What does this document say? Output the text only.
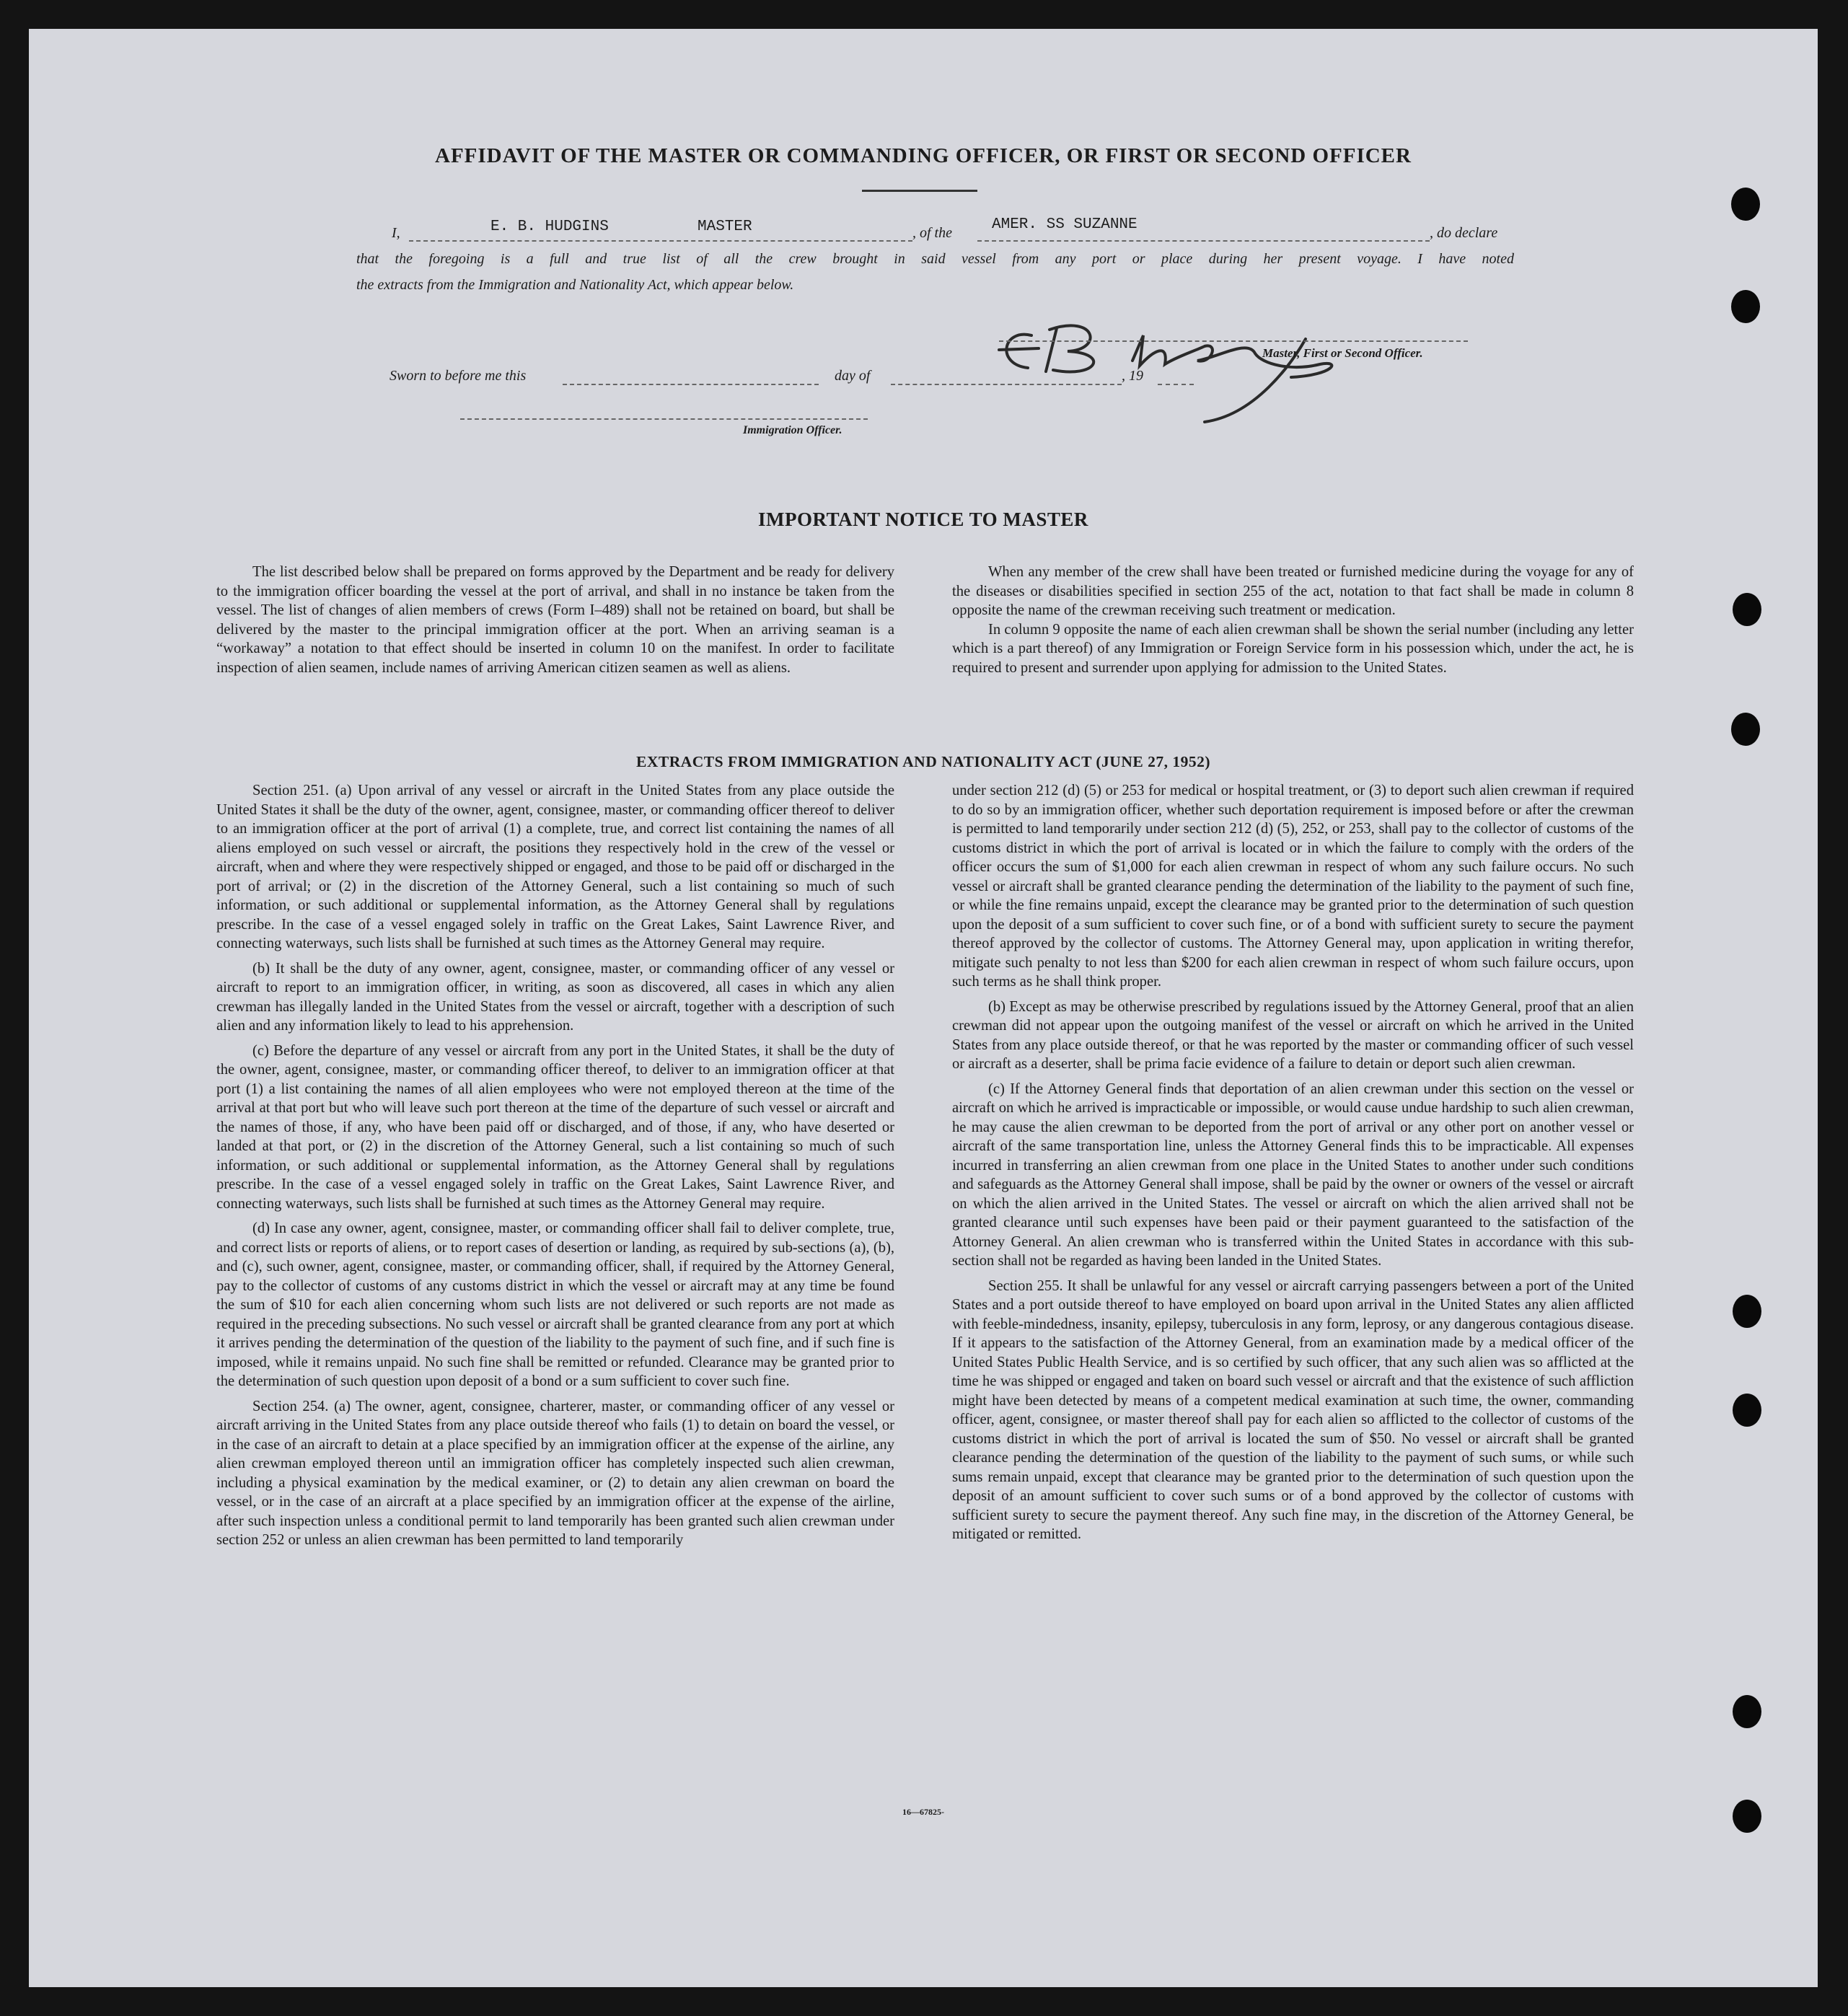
AFFIDAVIT OF THE MASTER OR COMMANDING OFFICER, OR FIRST OR SECOND OFFICER
I,	E. B. HUDGINS	MASTER	, of the	AMER. SS SUZANNE	, do declare
that the foregoing is a full and true list of all the crew brought in said vessel from any port or place during her present voyage. I have noted
the extracts from the Immigration and Nationality Act, which appear below.
Master, First or Second Officer.
Sworn to before me this	day of	, 19
Immigration Officer.
IMPORTANT NOTICE TO MASTER

The list described below shall be prepared on forms approved by the Department and be ready for delivery to the immigration officer boarding the vessel at the port of arrival, and shall in no instance be taken from the vessel. The list of changes of alien members of crews (Form I–489) shall not be retained on board, but shall be delivered by the master to the principal immigration officer at the port. When an arriving seaman is a “workaway” a notation to that effect should be inserted in column 10 on the manifest. In order to facilitate inspection of alien seamen, include names of arriving American citizen seamen as well as aliens.

When any member of the crew shall have been treated or furnished medicine during the voyage for any of the diseases or disabilities specified in section 255 of the act, notation to that fact shall be made in column 8 opposite the name of the crewman receiving such treatment or medication.

In column 9 opposite the name of each alien crewman shall be shown the serial number (including any letter which is a part thereof) of any Immigration or Foreign Service form in his possession which, under the act, he is required to present and surrender upon applying for admission to the United States.

EXTRACTS FROM IMMIGRATION AND NATIONALITY ACT (JUNE 27, 1952)

Section 251. (a) Upon arrival of any vessel or aircraft in the United States from any place outside the United States it shall be the duty of the owner, agent, consignee, master, or commanding officer thereof to deliver to an immigration officer at the port of arrival (1) a complete, true, and correct list containing the names of all aliens employed on such vessel or aircraft, the positions they respectively hold in the crew of the vessel or aircraft, when and where they were respectively shipped or engaged, and those to be paid off or discharged in the port of arrival; or (2) in the discretion of the Attorney General, such a list containing so much of such information, or such additional or supplemental information, as the Attorney General shall by regulations prescribe. In the case of a vessel engaged solely in traffic on the Great Lakes, Saint Lawrence River, and connecting waterways, such lists shall be furnished at such times as the Attorney General may require.

(b) It shall be the duty of any owner, agent, consignee, master, or commanding officer of any vessel or aircraft to report to an immigration officer, in writing, as soon as discovered, all cases in which any alien crewman has illegally landed in the United States from the vessel or aircraft, together with a description of such alien and any information likely to lead to his apprehension.

(c) Before the departure of any vessel or aircraft from any port in the United States, it shall be the duty of the owner, agent, consignee, master, or commanding officer thereof, to deliver to an immigration officer at that port (1) a list containing the names of all alien employees who were not employed thereon at the time of the arrival at that port but who will leave such port thereon at the time of the departure of such vessel or aircraft and the names of those, if any, who have been paid off or discharged, and of those, if any, who have deserted or landed at that port, or (2) in the discretion of the Attorney General, such a list containing so much of such information, or such additional or supplemental information, as the Attorney General shall by regulations prescribe. In the case of a vessel engaged solely in traffic on the Great Lakes, Saint Lawrence River, and connecting waterways, such lists shall be furnished at such times as the Attorney General may require.

(d) In case any owner, agent, consignee, master, or commanding officer shall fail to deliver complete, true, and correct lists or reports of aliens, or to report cases of desertion or landing, as required by sub-sections (a), (b), and (c), such owner, agent, consignee, master, or commanding officer, shall, if required by the Attorney General, pay to the collector of customs of any customs district in which the vessel or aircraft may at any time be found the sum of $10 for each alien concerning whom such lists are not delivered or such reports are not made as required in the preceding subsections. No such vessel or aircraft shall be granted clearance from any port at which it arrives pending the determination of the question of the liability to the payment of such fine, and if such fine is imposed, while it remains unpaid. No such fine shall be remitted or refunded. Clearance may be granted prior to the determination of such question upon deposit of a bond or a sum sufficient to cover such fine.

Section 254. (a) The owner, agent, consignee, charterer, master, or commanding officer of any vessel or aircraft arriving in the United States from any place outside thereof who fails (1) to detain on board the vessel, or in the case of an aircraft to detain at a place specified by an immigration officer at the expense of the airline, any alien crewman employed thereon until an immigration officer has completely inspected such alien crewman, including a physical examination by the medical examiner, or (2) to detain any alien crewman on board the vessel, or in the case of an aircraft at a place specified by an immigration officer at the expense of the airline, after such inspection unless a conditional permit to land temporarily has been granted such alien crewman under section 252 or unless an alien crewman has been permitted to land temporarily

under section 212 (d) (5) or 253 for medical or hospital treatment, or (3) to deport such alien crewman if required to do so by an immigration officer, whether such deportation requirement is imposed before or after the crewman is permitted to land temporarily under section 212 (d) (5), 252, or 253, shall pay to the collector of customs of the customs district in which the port of arrival is located or in which the failure to comply with the orders of the officer occurs the sum of $1,000 for each alien crewman in respect of whom any such failure occurs. No such vessel or aircraft shall be granted clearance pending the determination of the liability to the payment of such fine, or while the fine remains unpaid, except the clearance may be granted prior to the determination of such question upon the deposit of a sum sufficient to cover such fine, or of a bond with sufficient surety to secure the payment thereof approved by the collector of customs. The Attorney General may, upon application in writing therefor, mitigate such penalty to not less than $200 for each alien crewman in respect of whom such failure occurs, upon such terms as he shall think proper.

(b) Except as may be otherwise prescribed by regulations issued by the Attorney General, proof that an alien crewman did not appear upon the outgoing manifest of the vessel or aircraft on which he arrived in the United States from any place outside thereof, or that he was reported by the master or commanding officer of such vessel or aircraft as a deserter, shall be prima facie evidence of a failure to detain or deport such alien crewman.

(c) If the Attorney General finds that deportation of an alien crewman under this section on the vessel or aircraft on which he arrived is impracticable or impossible, or would cause undue hardship to such alien crewman, he may cause the alien crewman to be deported from the port of arrival or any other port on another vessel or aircraft of the same transportation line, unless the Attorney General finds this to be impracticable. All expenses incurred in transferring an alien crewman from one place in the United States to another under such conditions and safeguards as the Attorney General shall impose, shall be paid by the owner or owners of the vessel or aircraft on which the alien arrived in the United States. The vessel or aircraft on which the alien arrived shall not be granted clearance until such expenses have been paid or their payment guaranteed to the satisfaction of the Attorney General. An alien crewman who is transferred within the United States in accordance with this sub-section shall not be regarded as having been landed in the United States.

Section 255. It shall be unlawful for any vessel or aircraft carrying passengers between a port of the United States and a port outside thereof to have employed on board upon arrival in the United States any alien afflicted with feeble-mindedness, insanity, epilepsy, tuberculosis in any form, leprosy, or any dangerous contagious disease. If it appears to the satisfaction of the Attorney General, from an examination made by a medical officer of the United States Public Health Service, and is so certified by such officer, that any such alien was so afflicted at the time he was shipped or engaged and taken on board such vessel or aircraft and that the existence of such affliction might have been detected by means of a competent medical examination at such time, the owner, commanding officer, agent, consignee, or master thereof shall pay for each alien so afflicted to the collector of customs of the customs district in which the port of arrival is located the sum of $50. No vessel or aircraft shall be granted clearance pending the determination of the question of the liability to the payment of such sums, or while such sums remain unpaid, except that clearance may be granted prior to the determination of such question upon the deposit of an amount sufficient to cover such sums or of a bond approved by the collector of customs with sufficient surety to secure the payment thereof. Any such fine may, in the discretion of the Attorney General, be mitigated or remitted.

16—67825-
